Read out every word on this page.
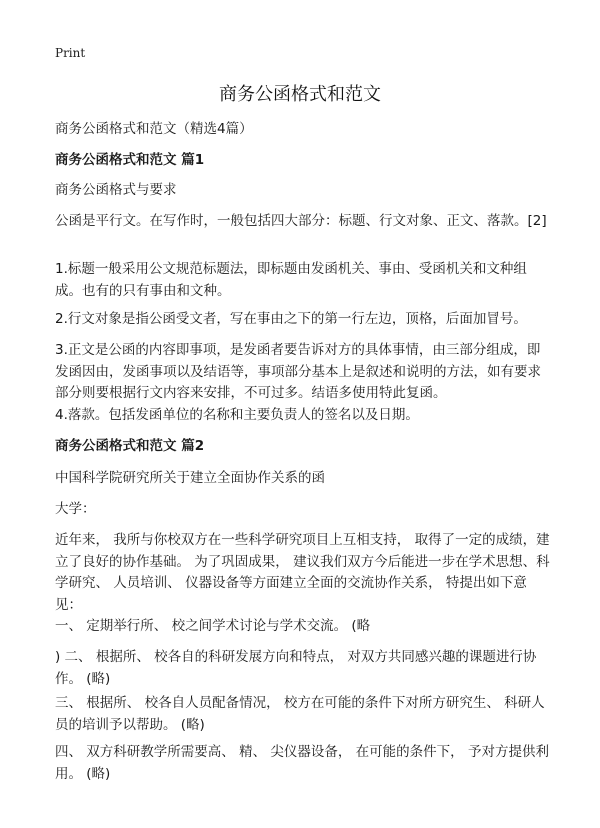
Print
商务公函格式和范文
商务公函格式和范文（精选4篇）
商务公函格式和范文 篇1
商务公函格式与要求
公函是平行文。在写作时，一般包括四大部分：标题、行文对象、正文、落款。[2]
1.标题一般采用公文规范标题法，即标题由发函机关、事由、受函机关和文种组成。也有的只有事由和文种。
2.行文对象是指公函受文者，写在事由之下的第一行左边，顶格，后面加冒号。
3.正文是公函的内容即事项，是发函者要告诉对方的具体事情，由三部分组成，即发函因由，发函事项以及结语等，事项部分基本上是叙述和说明的方法，如有要求部分则要根据行文内容来安排，不可过多。结语多使用特此复函。
4.落款。包括发函单位的名称和主要负责人的签名以及日期。
商务公函格式和范文 篇2
中国科学院研究所关于建立全面协作关系的函
大学：
近年来， 我所与你校双方在一些科学研究项目上互相支持， 取得了一定的成绩，建立了良好的协作基础。 为了巩固成果， 建议我们双方今后能进一步在学术思想、科学研究、 人员培训、 仪器设备等方面建立全面的交流协作关系， 特提出如下意见：
一、 定期举行所、 校之间学术讨论与学术交流。 (略
) 二、 根据所、 校各自的科研发展方向和特点， 对双方共同感兴趣的课题进行协作。 (略)
三、 根据所、 校各自人员配备情况， 校方在可能的条件下对所方研究生、 科研人员的培训予以帮助。 (略)
四、 双方科研教学所需要高、 精、 尖仪器设备， 在可能的条件下， 予对方提供利用。 (略)
